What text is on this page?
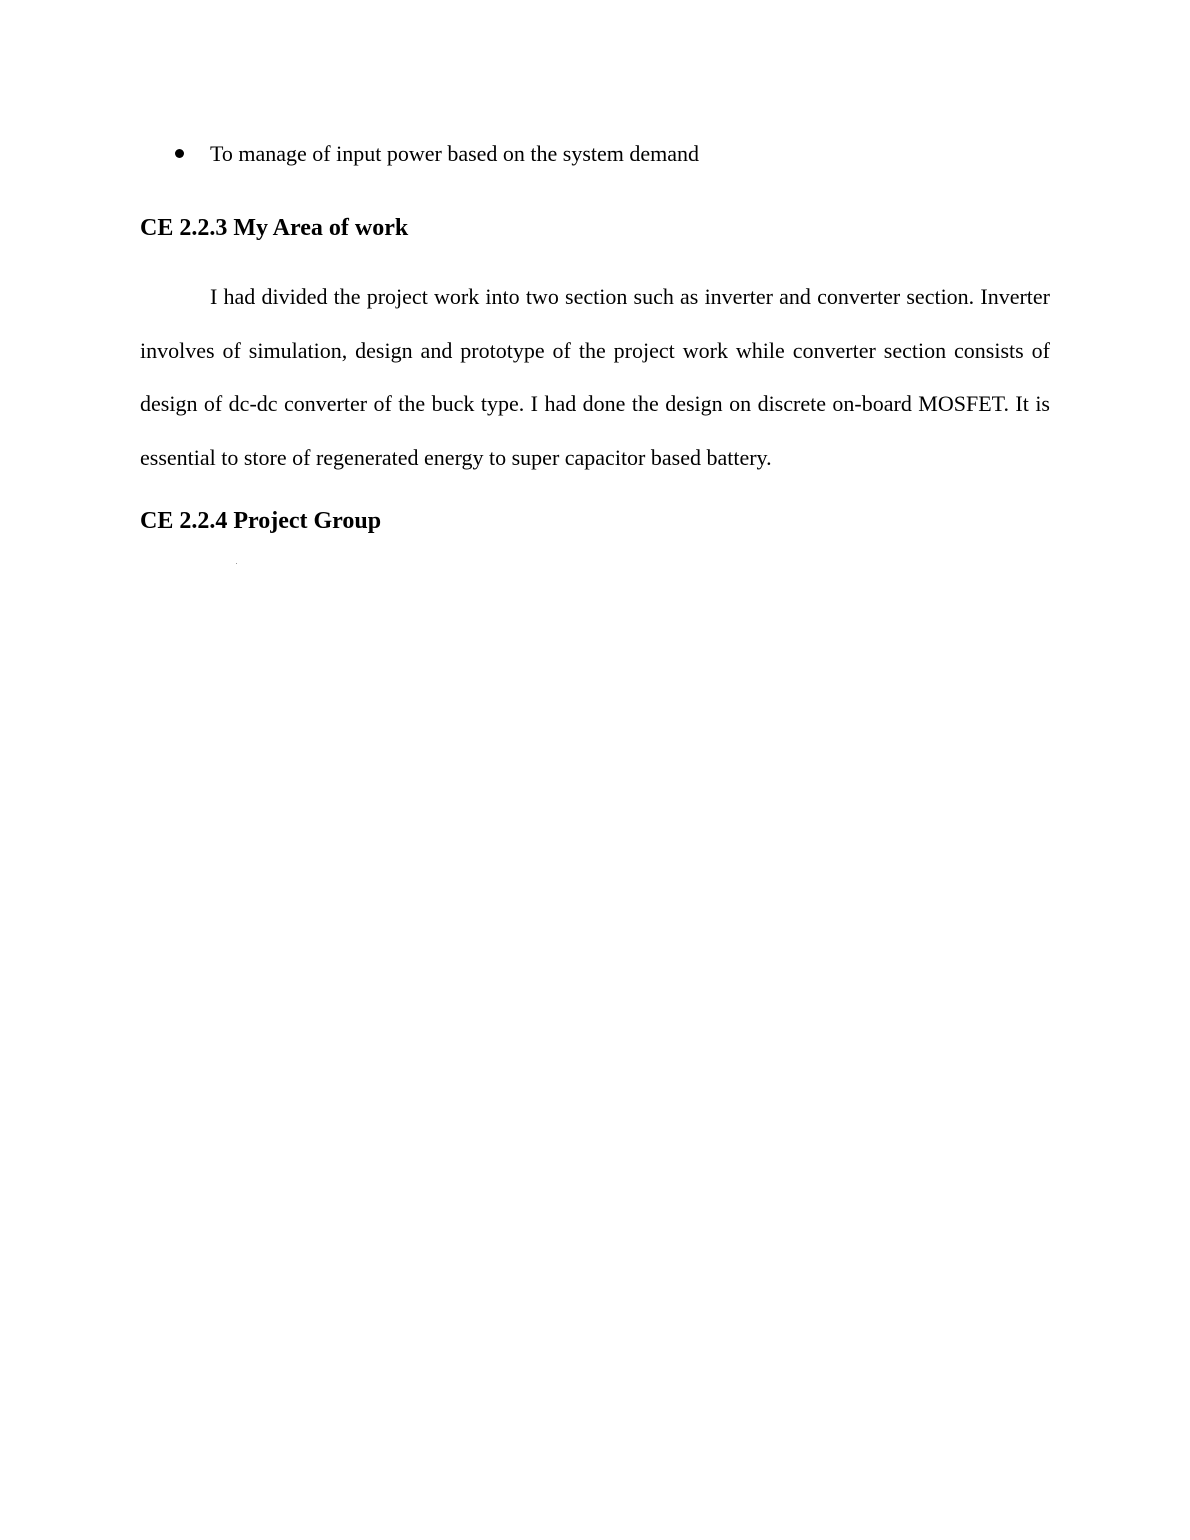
To manage of input power based on the system demand
CE 2.2.3 My Area of work

I had divided the project work into two section such as inverter and converter section. Inverter involves of simulation, design and prototype of the project work while converter section consists of design of dc-dc converter of the buck type. I had done the design on discrete on-board MOSFET. It is essential to store of regenerated energy to super capacitor based battery.

CE 2.2.4 Project Group
